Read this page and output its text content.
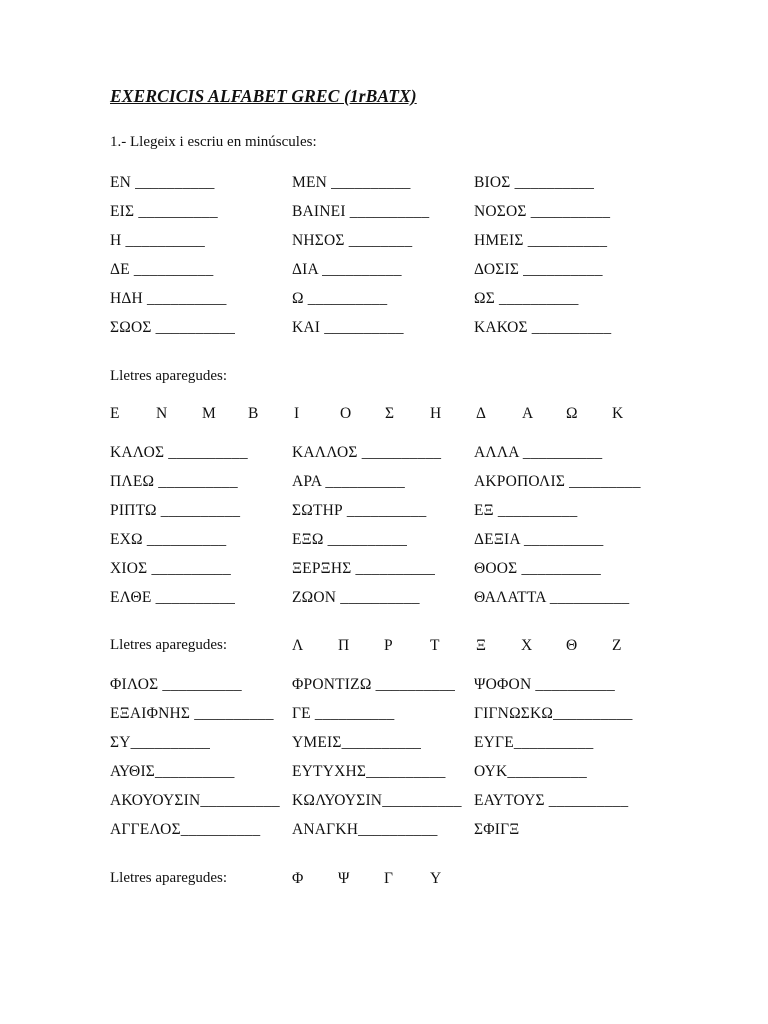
EXERCICIS ALFABET GREC (1rBATX)
1.- Llegeix i escriu en minúscules:
ΕΝ __________	ΜΕΝ __________	ΒΙΟΣ __________
ΕΙΣ __________	ΒΑΙΝΕΙ __________	ΝΟΣΟΣ __________
Η __________	ΝΗΣΟΣ ________	ΗΜΕΙΣ __________
ΔΕ __________	ΔΙΑ __________	ΔΟΣΙΣ __________
ΗΔΗ __________	Ω __________	ΩΣ __________
ΣΩΟΣ __________	ΚΑΙ __________	ΚΑΚΟΣ __________
Lletres aparegudes:
Ε Ν Μ Β Ι	Ο Σ Η Δ Α Ω Κ
ΚΑΛΟΣ __________	ΚΑΛΛΟΣ __________ ΑΛΛΑ __________
ΠΛΕΩ __________	ΑΡΑ __________	ΑΚΡΟΠΟΛΙΣ _________
ΡΙΠΤΩ __________	ΣΩΤΗΡ __________	ΕΞ __________
ΕΧΩ __________	ΕΞΩ __________	ΔΕΞΙΑ __________
ΧΙΟΣ __________	ΞΕΡΞΗΣ __________	ΘΟΟΣ __________
ΕΛΘΕ __________	ΖΩΟΝ __________	ΘΑΛΑΤΤΑ __________
Lletres aparegudes:	Λ Π Ρ Τ Ξ Χ Θ Ζ
ΦΙΛΟΣ __________	ΦΡΟΝΤΙΖΩ __________ ΨΟΦΟΝ __________
ΕΞΑΙΦΝΗΣ __________ ΓΕ __________	ΓΙΓΝΩΣΚΩ__________
ΣΥ__________	ΥΜΕΙΣ__________	ΕΥΓΕ__________
ΑΥΘΙΣ__________	ΕΥΤΥΧΗΣ__________ ΟΥΚ__________
ΑΚΟΥΟΥΣΙΝ__________ ΚΩΛΥΟΥΣΙΝ__________ ΕΑΥΤΟΥΣ __________
ΑΓΓΕΛΟΣ__________ ΑΝΑΓΚΗ__________ ΣΦΙΓΞ
Lletres aparegudes:	Φ Ψ Γ Υ
